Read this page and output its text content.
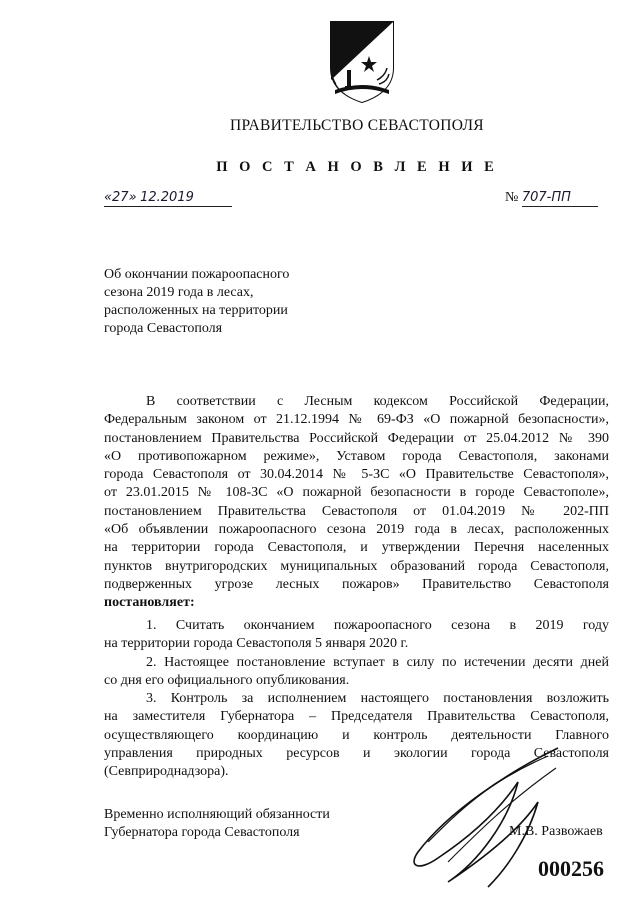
ПРАВИТЕЛЬСТВО СЕВАСТОПОЛЯ
П О С Т А Н О В Л Е Н И Е
«27» 12.2019	№ 707-ПП
Об окончании пожароопасного
сезона 2019 года в лесах,
расположенных на территории
города Севастополя
В соответствии с Лесным кодексом Российской Федерации,
Федеральным законом от 21.12.1994 № 69-ФЗ «О пожарной безопасности»,
постановлением Правительства Российской Федерации от 25.04.2012 № 390
«О противопожарном режиме», Уставом города Севастополя, законами
города Севастополя от 30.04.2014 № 5-ЗС «О Правительстве Севастополя»,
от 23.01.2015 № 108-ЗС «О пожарной безопасности в городе Севастополе»,
постановлением Правительства Севастополя от 01.04.2019 № 202-ПП
«Об объявлении пожароопасного сезона 2019 года в лесах, расположенных
на территории города Севастополя, и утверждении Перечня населенных
пунктов внутригородских муниципальных образований города Севастополя,
подверженных угрозе лесных пожаров» Правительство Севастополя
постановляет:
1. Считать окончанием пожароопасного сезона в 2019 году
на территории города Севастополя 5 января 2020 г.
2. Настоящее постановление вступает в силу по истечении десяти дней
со дня его официального опубликования.
3. Контроль за исполнением настоящего постановления возложить
на заместителя Губернатора – Председателя Правительства Севастополя,
осуществляющего координацию и контроль деятельности Главного
управления природных ресурсов и экологии города Севастополя
(Севприроднадзора).
Временно исполняющий обязанности
Губернатора города Севастополя	М.В. Развожаев
000256
